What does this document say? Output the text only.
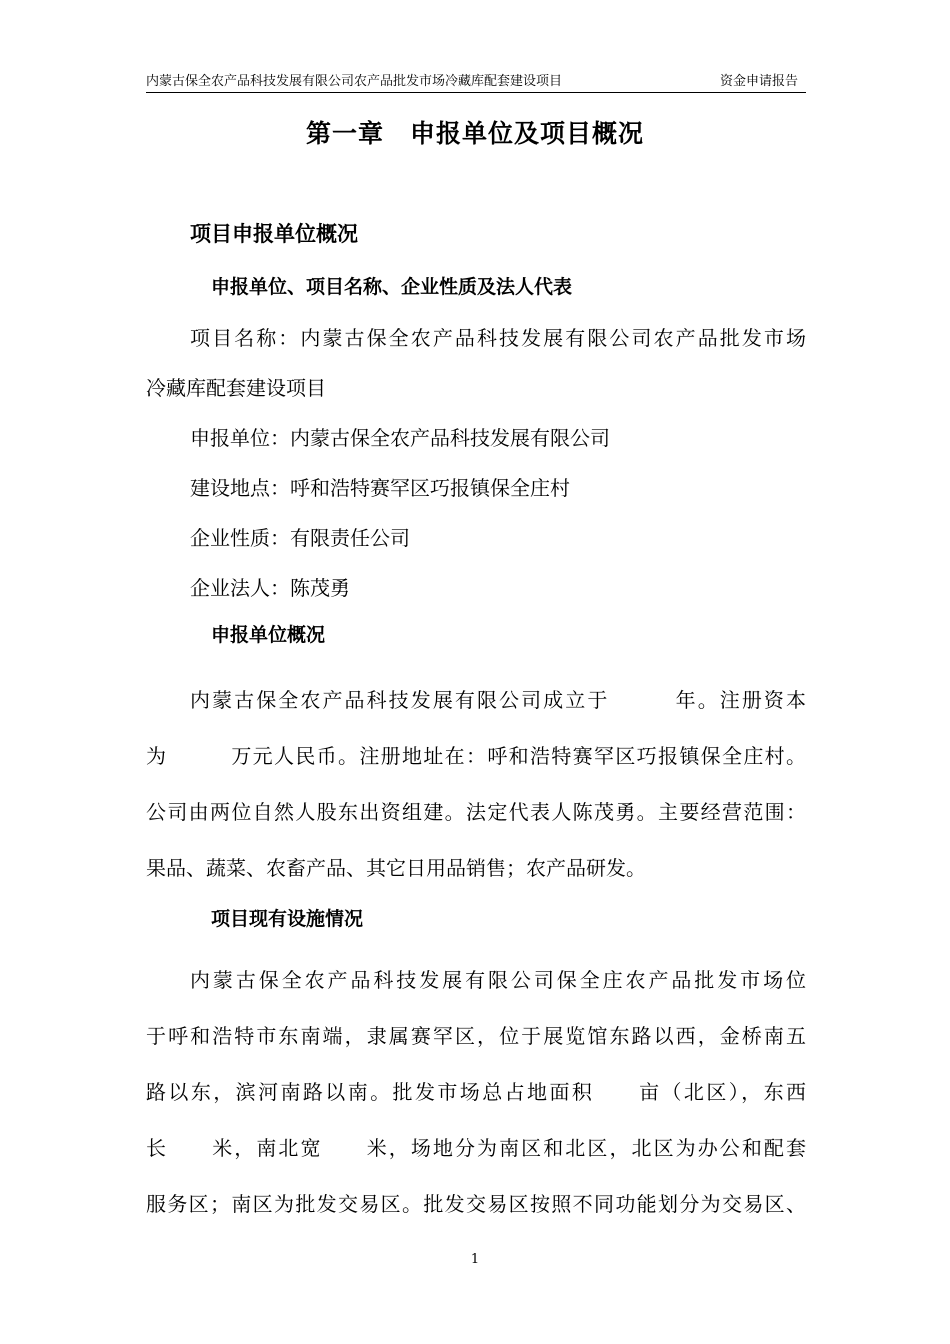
内蒙古保全农产品科技发展有限公司农产品批发市场冷藏库配套建设项目	资金申请报告
第一章　申报单位及项目概况
项目申报单位概况
申报单位、项目名称、企业性质及法人代表
项目名称：内蒙古保全农产品科技发展有限公司农产品批发市场
冷藏库配套建设项目
申报单位：内蒙古保全农产品科技发展有限公司
建设地点：呼和浩特赛罕区巧报镇保全庄村
企业性质：有限责任公司
企业法人：陈茂勇
申报单位概况
内蒙古保全农产品科技发展有限公司成立于　　　年。注册资本
为　　　万元人民币。注册地址在：呼和浩特赛罕区巧报镇保全庄村。
公司由两位自然人股东出资组建。法定代表人陈茂勇。主要经营范围：
果品、蔬菜、农畜产品、其它日用品销售；农产品研发。
项目现有设施情况
内蒙古保全农产品科技发展有限公司保全庄农产品批发市场位
于呼和浩特市东南端，隶属赛罕区，位于展览馆东路以西，金桥南五
路以东，滨河南路以南。批发市场总占地面积　　亩（北区），东西
长　　米，南北宽　　米，场地分为南区和北区，北区为办公和配套
服务区；南区为批发交易区。批发交易区按照不同功能划分为交易区、
1
